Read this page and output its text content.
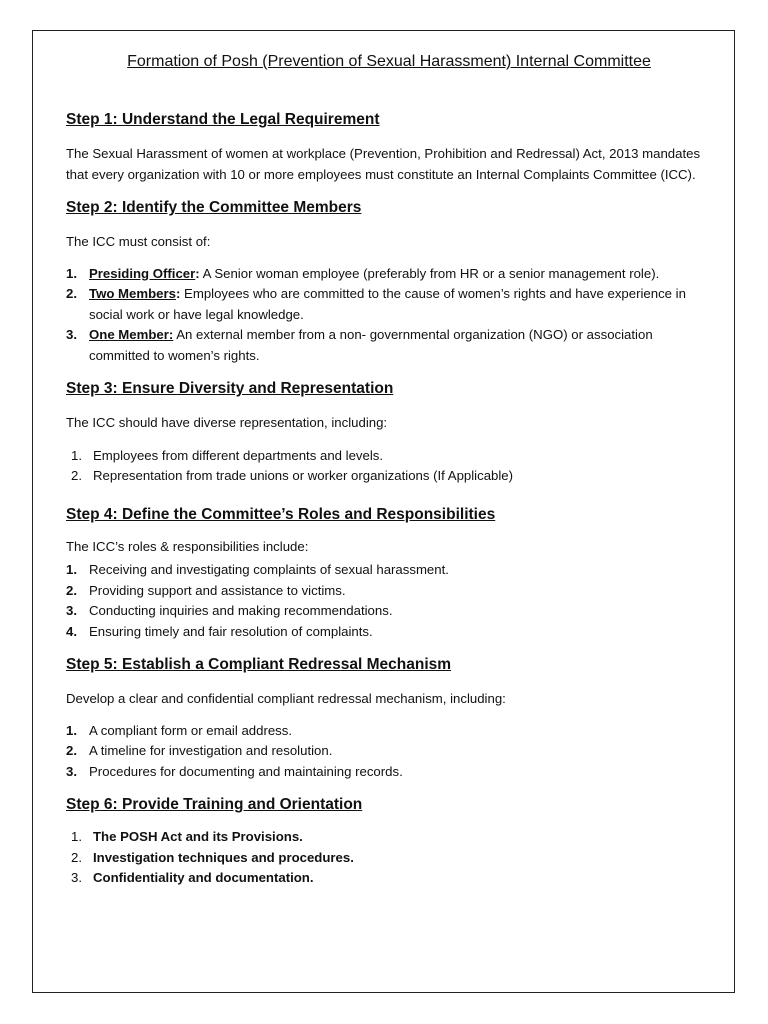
Formation of Posh (Prevention of Sexual Harassment) Internal Committee
Step 1: Understand the Legal Requirement

The Sexual Harassment of women at workplace (Prevention, Prohibition and Redressal) Act, 2013 mandates that every organization with 10 or more employees must constitute an Internal Complaints Committee (ICC).

Step 2: Identify the Committee Members

The ICC must consist of:

1. Presiding Officer: A Senior woman employee (preferably from HR or a senior management role).
2. Two Members: Employees who are committed to the cause of women’s rights and have experience in social work or have legal knowledge.
3. One Member: An external member from a non- governmental organization (NGO) or association committed to women’s rights.
Step 3: Ensure Diversity and Representation

The ICC should have diverse representation, including:

1. Employees from different departments and levels.
2. Representation from trade unions or worker organizations (If Applicable)
Step 4: Define the Committee’s Roles and Responsibilities

The ICC’s roles & responsibilities include:

1. Receiving and investigating complaints of sexual harassment.
2. Providing support and assistance to victims.
3. Conducting inquiries and making recommendations.
4. Ensuring timely and fair resolution of complaints.
Step 5: Establish a Compliant Redressal Mechanism

Develop a clear and confidential compliant redressal mechanism, including:

1. A compliant form or email address.
2. A timeline for investigation and resolution.
3. Procedures for documenting and maintaining records.
Step 6: Provide Training and Orientation
1. The POSH Act and its Provisions.
2. Investigation techniques and procedures.
3. Confidentiality and documentation.
